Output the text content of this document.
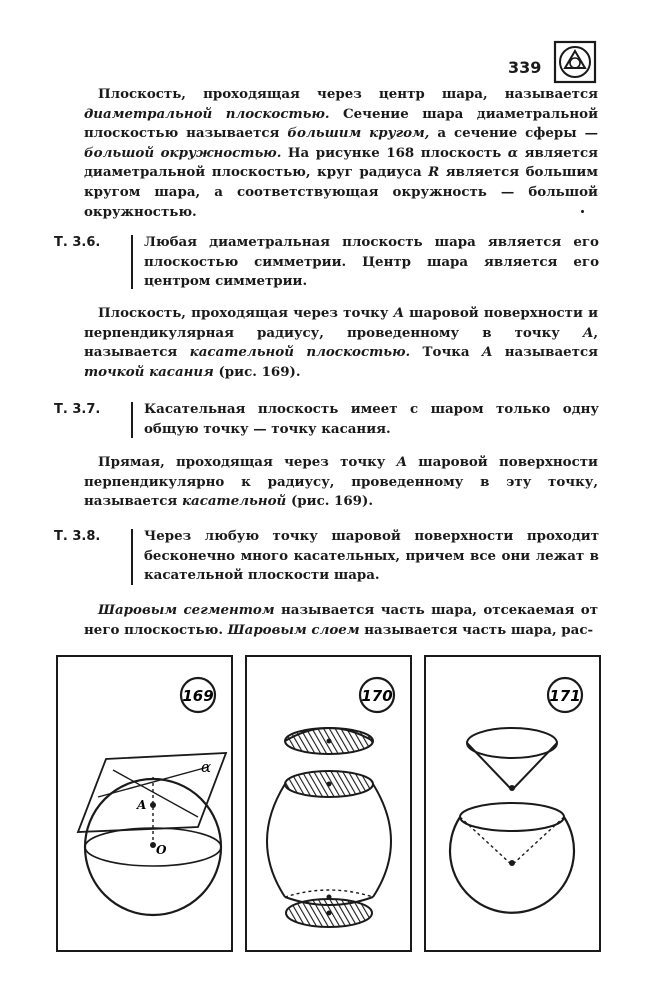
339
Плоскость, проходящая через центр шара, называется диаметральной плоскостью. Сечение шара диаметральной плоскостью называется большим кругом, а сечение сферы — большой окружностью. На рисунке 168 плоскость α является диаметральной плоскостью, круг радиуса R является большим кругом шара, а соответствующая окружность — большой окружностью.
Т. 3.6.	Любая диаметральная плоскость шара является его плоскостью симметрии. Центр шара является его центром симметрии.
Плоскость, проходящая через точку A шаровой поверхности и перпендикулярная радиусу, проведенному в точку A, называется касательной плоскостью. Точка A называется точкой касания (рис. 169).
Т. 3.7.	Касательная плоскость имеет с шаром только одну общую точку — точку касания.
Прямая, проходящая через точку A шаровой поверхности перпендикулярно к радиусу, проведенному в эту точку, называется касательной (рис. 169).
Т. 3.8.	Через любую точку шаровой поверхности проходит бесконечно много касательных, причем все они лежат в касательной плоскости шара.
Шаровым сегментом называется часть шара, отсекаемая от него плоскостью. Шаровым слоем называется часть шара, рас-
169
α
A
O
170	171
